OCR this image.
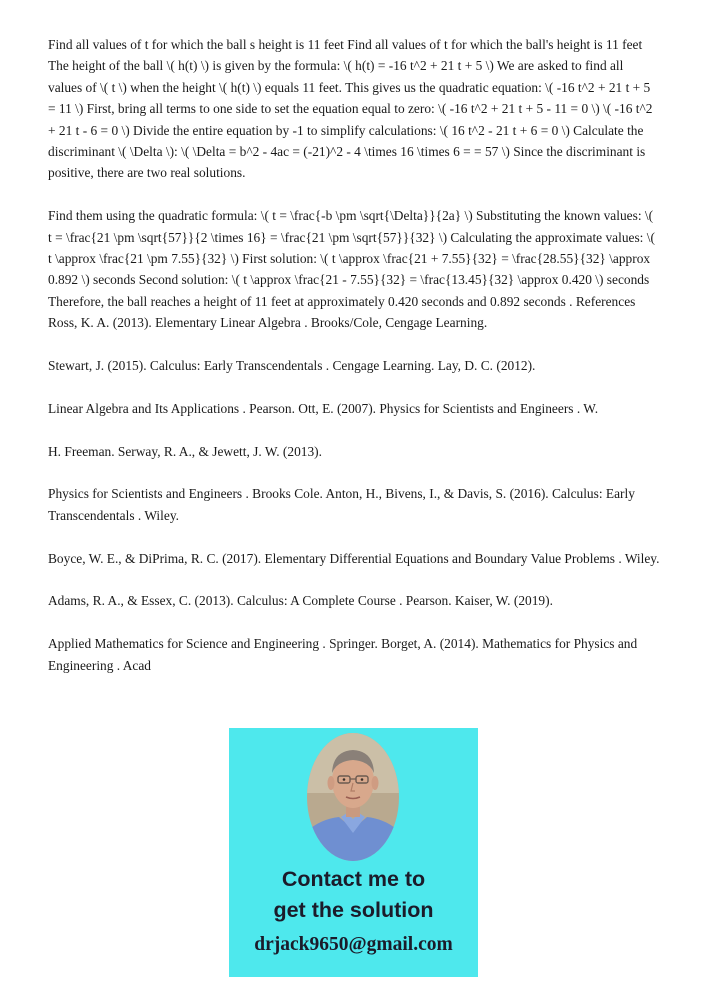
Find all values of t for which the ball s height is 11 feet Find all values of t for which the ball's height is 11 feet The height of the ball \( h(t) \) is given by the formula: \( h(t) = -16 t^2 + 21 t + 5 \) We are asked to find all values of \( t \) when the height \( h(t) \) equals 11 feet. This gives us the quadratic equation: \( -16 t^2 + 21 t + 5 = 11 \) First, bring all terms to one side to set the equation equal to zero: \( -16 t^2 + 21 t + 5 - 11 = 0 \) \( -16 t^2 + 21 t - 6 = 0 \) Divide the entire equation by -1 to simplify calculations: \( 16 t^2 - 21 t + 6 = 0 \) Calculate the discriminant \( \Delta \): \( \Delta = b^2 - 4ac = (-21)^2 - 4 \times 16 \times 6 = = 57 \) Since the discriminant is positive, there are two real solutions.

Find them using the quadratic formula: \( t = \frac{-b \pm \sqrt{\Delta}}{2a} \) Substituting the known values: \( t = \frac{21 \pm \sqrt{57}}{2 \times 16} = \frac{21 \pm \sqrt{57}}{32} \) Calculating the approximate values: \( t \approx \frac{21 \pm 7.55}{32} \) First solution: \( t \approx \frac{21 + 7.55}{32} = \frac{28.55}{32} \approx 0.892 \) seconds Second solution: \( t \approx \frac{21 - 7.55}{32} = \frac{13.45}{32} \approx 0.420 \) seconds Therefore, the ball reaches a height of 11 feet at approximately 0.420 seconds and 0.892 seconds . References Ross, K. A. (2013). Elementary Linear Algebra . Brooks/Cole, Cengage Learning.

Stewart, J. (2015). Calculus: Early Transcendentals . Cengage Learning. Lay, D. C. (2012).

Linear Algebra and Its Applications . Pearson. Ott, E. (2007). Physics for Scientists and Engineers . W.

H. Freeman. Serway, R. A., & Jewett, J. W. (2013).

Physics for Scientists and Engineers . Brooks Cole. Anton, H., Bivens, I., & Davis, S. (2016). Calculus: Early Transcendentals . Wiley.

Boyce, W. E., & DiPrima, R. C. (2017). Elementary Differential Equations and Boundary Value Problems . Wiley.

Adams, R. A., & Essex, C. (2013). Calculus: A Complete Course . Pearson. Kaiser, W. (2019).

Applied Mathematics for Science and Engineering . Springer. Borget, A. (2014). Mathematics for Physics and Engineering . Acad

Contact me to
get the solution
drjack9650@gmail.com
